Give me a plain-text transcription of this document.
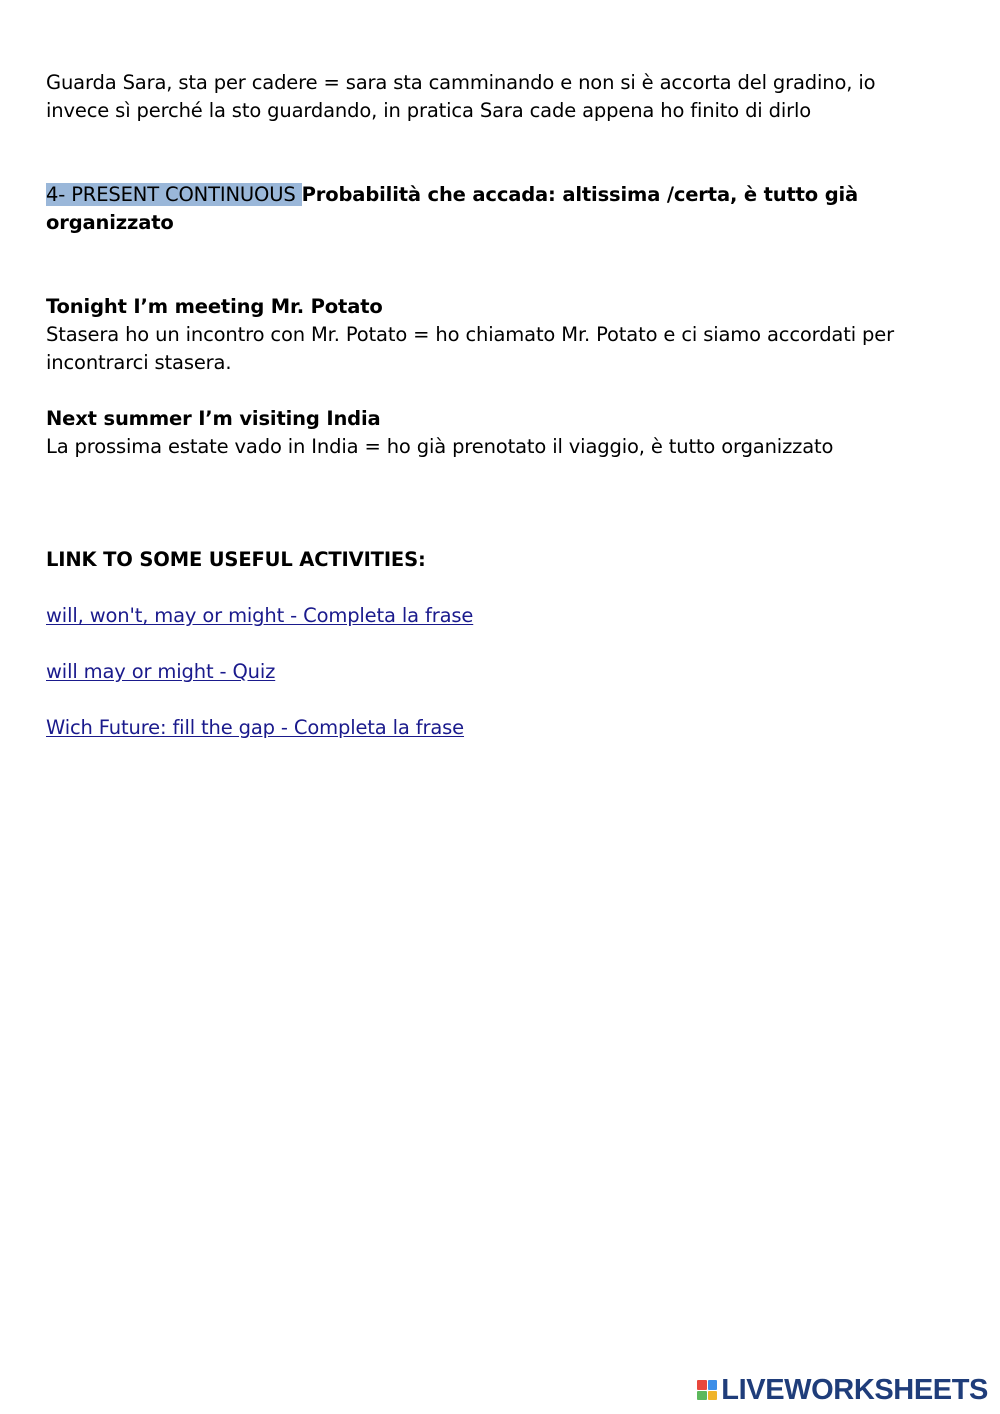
Guarda Sara, sta per cadere = sara sta camminando e non si è accorta del gradino, io invece sì perché la sto guardando, in pratica Sara cade appena ho finito di dirlo

4- PRESENT CONTINUOUS Probabilità che accada: altissima /certa, è tutto già organizzato

Tonight I’m meeting Mr. Potato

Stasera ho un incontro con Mr. Potato = ho chiamato Mr. Potato e ci siamo accordati per incontrarci stasera.

Next summer I’m visiting India

La prossima estate vado in India = ho già prenotato il viaggio, è tutto organizzato

LINK TO SOME USEFUL ACTIVITIES:

will, won't, may or might - Completa la frase

will may or might - Quiz

Wich Future: fill the gap - Completa la frase

LIVEWORKSHEETS
